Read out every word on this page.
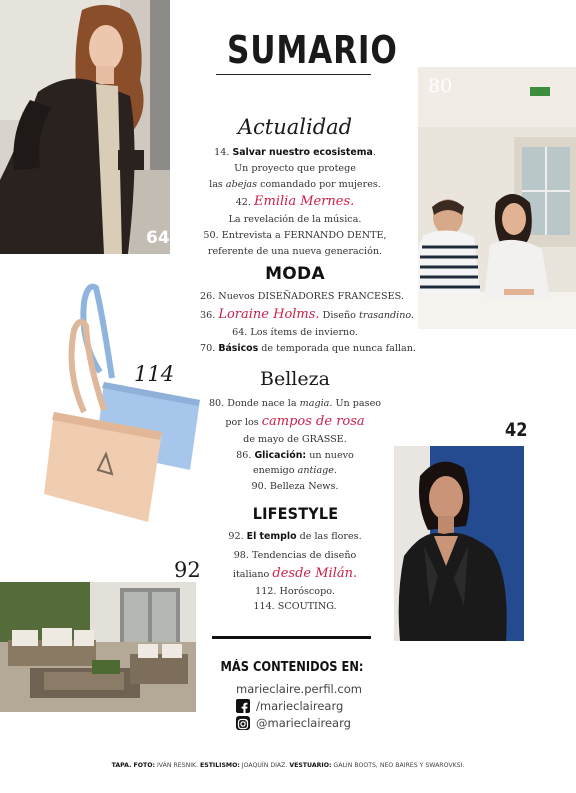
SUMARIO
64
80
114
42
92
Actualidad
14. Salvar nuestro ecosistema.
Un proyecto que protege
las abejas comandado por mujeres.
42. Emilia Mernes.
La revelación de la música.
50. Entrevista a FERNANDO DENTE,
referente de una nueva generación.
MODA
26. Nuevos DISEÑADORES FRANCESES.
36. Loraine Holms. Diseño trasandino.
64. Los ítems de invierno.
70. Básicos de temporada que nunca fallan.
Belleza
80. Donde nace la magia. Un paseo
por los campos de rosa
de mayo de GRASSE.
86. Glicación: un nuevo
enemigo antiage.
90. Belleza News.
LIFESTYLE
92. El templo de las flores.
98. Tendencias de diseño
italiano desde Milán.
112. Horóscopo.
114. SCOUTING.
MÁS CONTENIDOS EN:
marieclaire.perfil.com
/marieclairearg
@marieclairearg
TAPA. FOTO: IVÁN RESNIK. ESTILISMO: JOAQUÍN DIAZ. VESTUARIO: GALIN BOOTS, NEO BAIRES Y SWAROVKSI.
